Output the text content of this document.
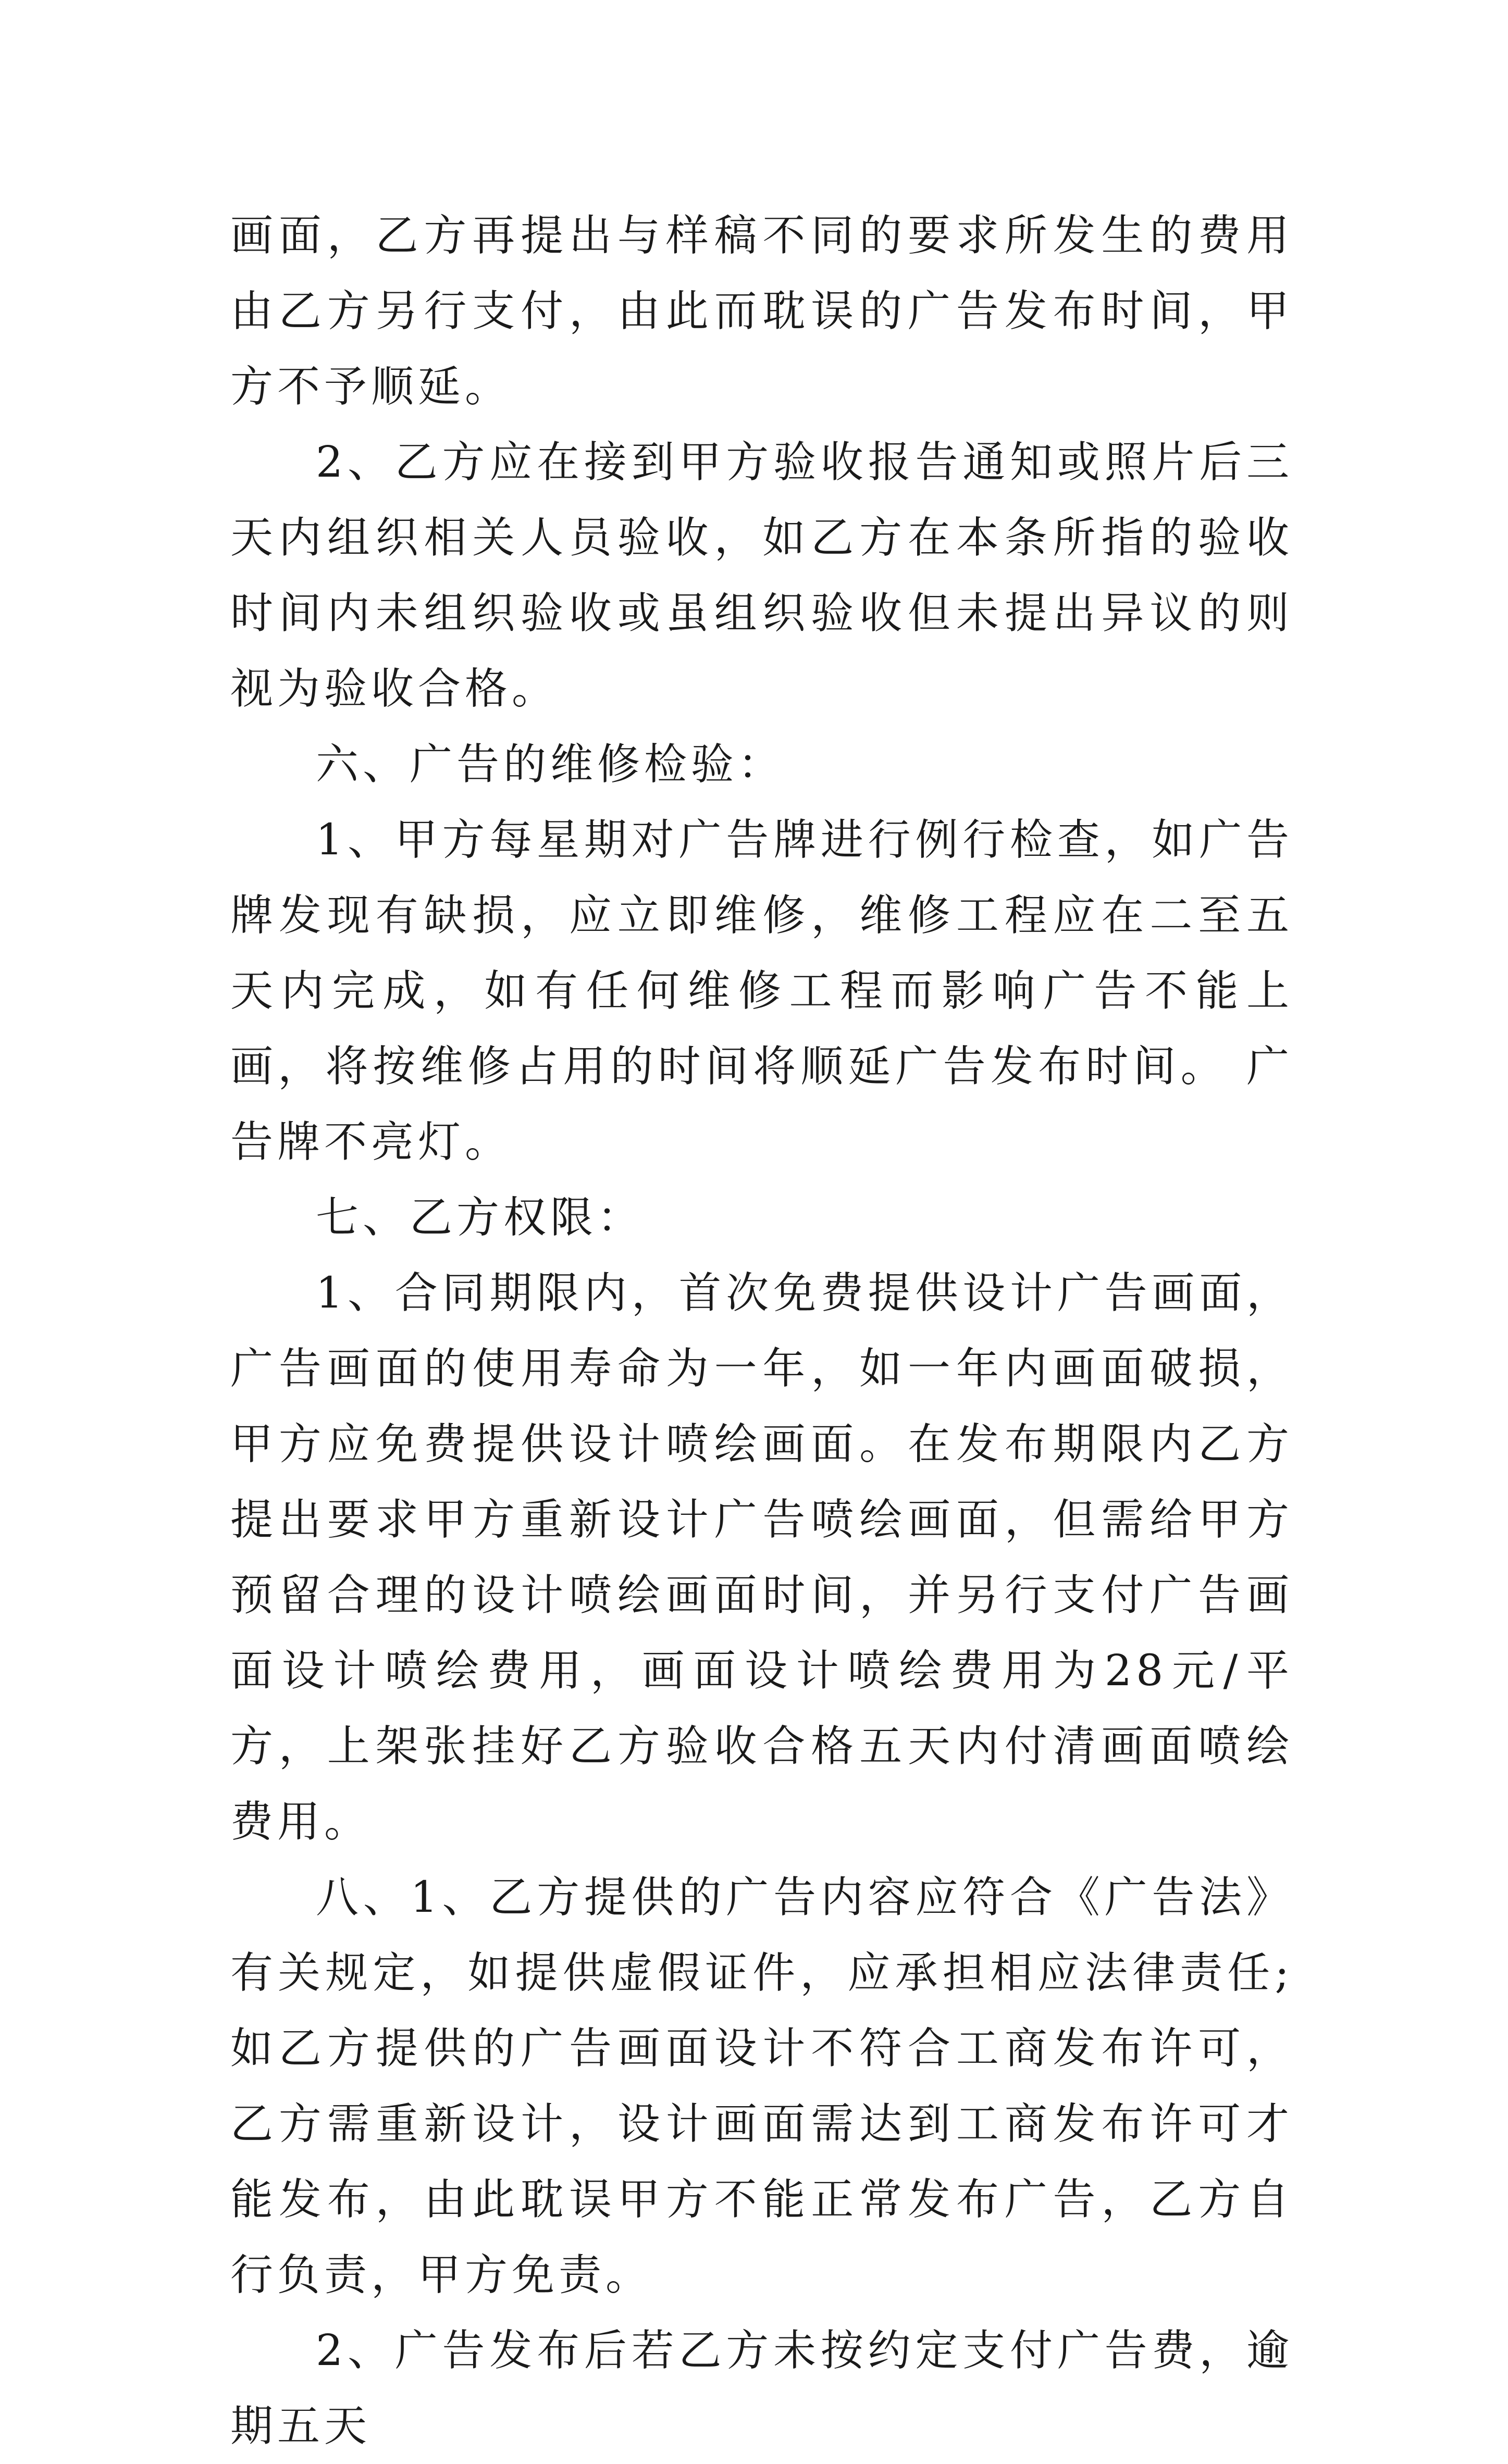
画面，乙方再提出与样稿不同的要求所发生的费用由乙方另行支付，由此而耽误的广告发布时间，甲方不予顺延。

2、乙方应在接到甲方验收报告通知或照片后三天内组织相关人员验收，如乙方在本条所指的验收时间内未组织验收或虽组织验收但未提出异议的则视为验收合格。

六、广告的维修检验：

1、甲方每星期对广告牌进行例行检查，如广告牌发现有缺损，应立即维修，维修工程应在二至五天内完成，如有任何维修工程而影响广告不能上画，将按维修占用的时间将顺延广告发布时间。 广告牌不亮灯。

七、乙方权限：

1、合同期限内，首次免费提供设计广告画面，广告画面的使用寿命为一年，如一年内画面破损，甲方应免费提供设计喷绘画面。在发布期限内乙方提出要求甲方重新设计广告喷绘画面，但需给甲方预留合理的设计喷绘画面时间，并另行支付广告画面设计喷绘费用，画面设计喷绘费用为28元/平方，上架张挂好乙方验收合格五天内付清画面喷绘费用。

八、1、乙方提供的广告内容应符合《广告法》有关规定，如提供虚假证件，应承担相应法律责任;如乙方提供的广告画面设计不符合工商发布许可，乙方需重新设计，设计画面需达到工商发布许可才能发布，由此耽误甲方不能正常发布广告，乙方自行负责，甲方免责。

2、广告发布后若乙方未按约定支付广告费，逾期五天
